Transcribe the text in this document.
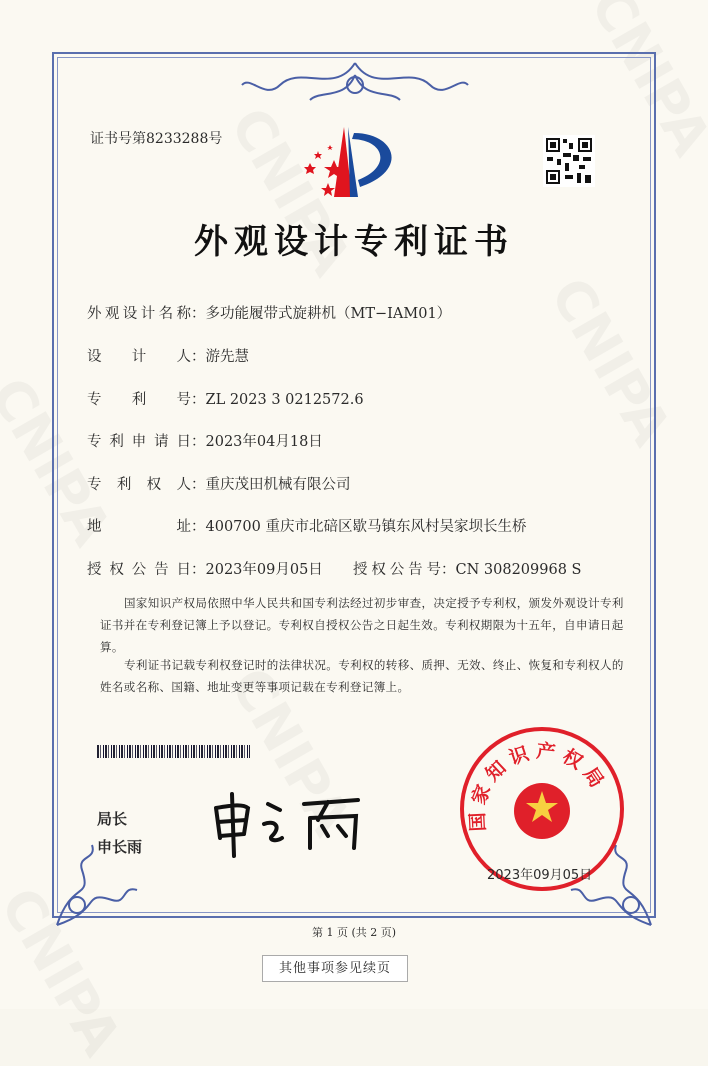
证书号第8233288号
外观设计专利证书
外观设计名称：多功能履带式旋耕机（MT−IAM01）
设计人：游先慧
专利号：ZL 2023 3 0212572.6
专利申请日：2023年04月18日
专利权人：重庆茂田机械有限公司
地址：400700 重庆市北碚区歇马镇东风村吴家坝长生桥
授权公告日：2023年09月05日 授权公告号：CN 308209968 S
国家知识产权局依照中华人民共和国专利法经过初步审查，决定授予专利权，颁发外观设计专利证书并在专利登记簿上予以登记。专利权自授权公告之日起生效。专利权期限为十五年，自申请日起算。
专利证书记载专利权登记时的法律状况。专利权的转移、质押、无效、终止、恢复和专利权人的姓名或名称、国籍、地址变更等事项记载在专利登记簿上。
局长
申长雨
国家知识产权局
2023年09月05日
第 1 页 (共 2 页)
其他事项参见续页
